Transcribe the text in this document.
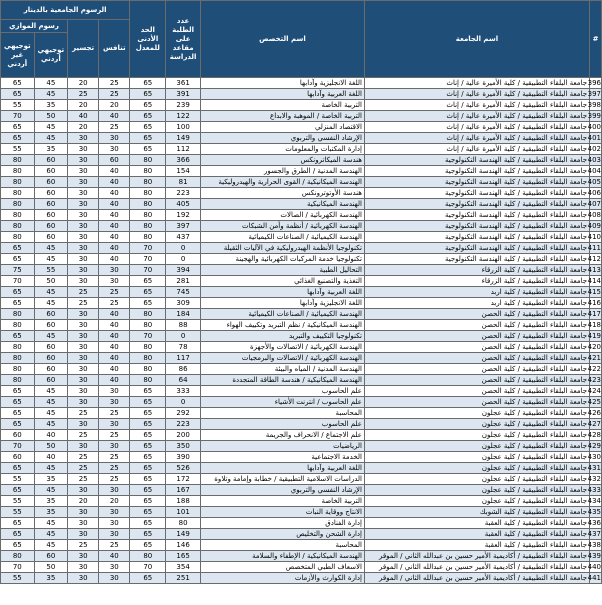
#	اسم الجامعة	اسم التخصص	عدد الطلبة على مقاعد الدراسة	الحد الأدنى للمعدل	الرسوم الجامعية بالدينار			
					تنافس	تجسير	رسوم الموازي	
							توجيهي أردني	توجيهي غير أردني
396	جامعة البلقاء التطبيقية / كلية الأميرة عالية / إناث	اللغة الانجليزية وآدابها	361	65	25	20	45	65
397	جامعة البلقاء التطبيقية / كلية الأميرة عالية / إناث	اللغة العربية وآدابها	391	65	25	25	45	65
398	جامعة البلقاء التطبيقية / كلية الأميرة عالية / إناث	التربية الخاصة	239	65	20	20	35	55
399	جامعة البلقاء التطبيقية / كلية الأميرة عالية / إناث	التربية الخاصة / الموهبة والابداع	122	65	40	40	50	70
400	جامعة البلقاء التطبيقية / كلية الأميرة عالية / إناث	الاقتصاد المنزلي	100	65	25	20	45	65
401	جامعة البلقاء التطبيقية / كلية الأميرة عالية / إناث	الإرشاد النفسي والتربوي	149	65	30	30	45	65
402	جامعة البلقاء التطبيقية / كلية الأميرة عالية / إناث	إدارة المكتبات والمعلومات	112	65	30	30	35	55
403	جامعة البلقاء التطبيقية / كلية الهندسة التكنولوجية	هندسة الميكاترونكس	366	80	60	30	60	80
404	جامعة البلقاء التطبيقية / كلية الهندسة التكنولوجية	الهندسة المدنية / الطرق والجسور	154	80	40	30	60	80
405	جامعة البلقاء التطبيقية / كلية الهندسة التكنولوجية	الهندسة الميكانيكية / القوى الحرارية والهيدروليكية	81	80	40	30	60	80
406	جامعة البلقاء التطبيقية / كلية الهندسة التكنولوجية	هندسة الأوتوترونكس	223	80	40	30	60	80
407	جامعة البلقاء التطبيقية / كلية الهندسة التكنولوجية	الهندسة الميكانيكية	405	80	40	30	60	80
408	جامعة البلقاء التطبيقية / كلية الهندسة التكنولوجية	الهندسة الكهربائية / الصالات	192	80	40	30	60	80
409	جامعة البلقاء التطبيقية / كلية الهندسة التكنولوجية	الهندسة الكهربائية / أنظمة وأمن الشبكات	397	80	40	30	60	80
410	جامعة البلقاء التطبيقية / كلية الهندسة التكنولوجية	الهندسة الكيميائية / الصناعات الكيميائية	437	80	40	30	60	80
411	جامعة البلقاء التطبيقية / كلية الهندسة التكنولوجية	تكنولوجيا الأنظمة الهيدروليكية في الآليات الثقيلة	0	70	40	30	45	65
412	جامعة البلقاء التطبيقية / كلية الهندسة التكنولوجية	تكنولوجيا خدمة المركبات الكهربائية والهجينة	0	70	40	30	45	65
413	جامعة البلقاء التطبيقية / كلية الزرقاء	التحاليل الطبية	394	70	30	30	55	75
414	جامعة البلقاء التطبيقية / كلية الزرقاء	التغذية والتصنيع الغذائي	281	65	30	30	50	70
415	جامعة البلقاء التطبيقية / كلية اربد	اللغة العربية وآدابها	745	65	25	25	45	65
416	جامعة البلقاء التطبيقية / كلية اربد	اللغة الانجليزية وآدابها	309	65	25	25	45	65
417	جامعة البلقاء التطبيقية / كلية الحصن	الهندسة الكيميائية / الصناعات الكيميائية	184	80	40	30	60	80
418	جامعة البلقاء التطبيقية / كلية الحصن	الهندسة الميكانيكية / نظم التبريد وتكييف الهواء	88	80	40	30	60	80
419	جامعة البلقاء التطبيقية / كلية الحصن	تكنولوجيا التكييف والتبريد	0	70	40	30	45	65
420	جامعة البلقاء التطبيقية / كلية الحصن	الهندسة الكهربائية / الاتصالات والأجهزة	78	80	40	30	60	80
421	جامعة البلقاء التطبيقية / كلية الحصن	الهندسة الكهربائية / الاتصالات والبرمجيات	117	80	40	30	60	80
422	جامعة البلقاء التطبيقية / كلية الحصن	الهندسة المدنية / المياه والبيئة	86	80	40	30	60	80
423	جامعة البلقاء التطبيقية / كلية الحصن	الهندسة الميكانيكية / هندسة الطاقة المتجددة	64	80	40	30	60	80
424	جامعة البلقاء التطبيقية / كلية الحصن	علم الحاسوب	333	65	30	30	45	65
425	جامعة البلقاء التطبيقية / كلية الحصن	علم الحاسوب / انترنت الأشياء	0	65	30	30	45	65
426	جامعة البلقاء التطبيقية / كلية عجلون	المحاسبة	292	65	25	25	45	65
427	جامعة البلقاء التطبيقية / كلية عجلون	علم الحاسوب	223	65	30	30	45	65
428	جامعة البلقاء التطبيقية / كلية عجلون	علم الاجتماع / الانحراف والجريمة	200	65	25	25	40	60
429	جامعة البلقاء التطبيقية / كلية عجلون	الرياضيات	350	65	30	30	50	70
430	جامعة البلقاء التطبيقية / كلية عجلون	الخدمة الاجتماعية	390	65	25	25	40	60
431	جامعة البلقاء التطبيقية / كلية عجلون	اللغة العربية وآدابها	526	65	25	25	45	65
432	جامعة البلقاء التطبيقية / كلية عجلون	الدراسات الاسلامية التطبيقية / خطابة وإمامة وتلاوة	172	65	25	25	35	55
433	جامعة البلقاء التطبيقية / كلية عجلون	الإرشاد النفسي والتربوي	167	65	30	30	45	65
434	جامعة البلقاء التطبيقية / كلية عجلون	التربية الخاصة	188	65	20	20	35	55
435	جامعة البلقاء التطبيقية / كلية الشوبك	الانتاج ووقاية النبات	101	65	30	30	35	55
436	جامعة البلقاء التطبيقية / كلية العقبة	إدارة الفنادق	80	65	30	30	45	65
437	جامعة البلقاء التطبيقية / كلية العقبة	إدارة الشحن والتخليص	149	65	30	30	45	65
438	جامعة البلقاء التطبيقية / كلية العقبة	المحاسبة	146	65	25	25	45	65
439	جامعة البلقاء التطبيقية / أكاديمية الأمير حسين بن عبدالله الثاني / الموقر	الهندسة الميكانيكية / الإطفاء والسلامة	165	80	40	30	60	80
440	جامعة البلقاء التطبيقية / أكاديمية الأمير حسين بن عبدالله الثاني / الموقر	الاسعاف الطبي المتخصص	354	70	30	30	50	70
441	جامعة البلقاء التطبيقية / أكاديمية الأمير حسين بن عبدالله الثاني / الموقر	إدارة الكوارث والأزمات	251	65	30	30	35	55
